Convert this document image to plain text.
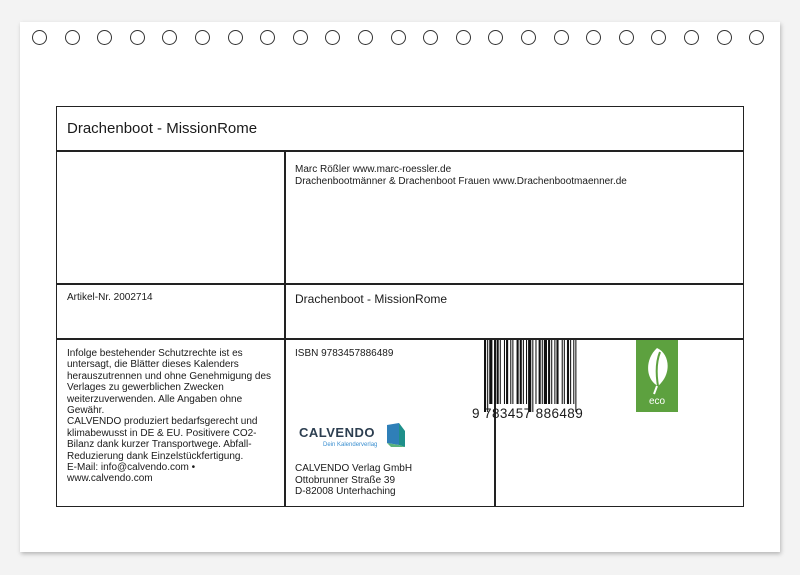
Drachenboot - MissionRome
Marc Rößler www.marc-roessler.de
Drachenbootmänner & Drachenboot Frauen www.Drachenbootmaenner.de
Artikel-Nr. 2002714	Drachenboot - MissionRome
Infolge bestehender Schutzrechte ist es
untersagt, die Blätter dieses Kalenders
herauszutrennen und ohne Genehmigung des
Verlages zu gewerblichen Zwecken
weiterzuverwenden. Alle Angaben ohne
Gewähr.
CALVENDO produziert bedarfsgerecht und
klimabewusst in DE & EU. Positivere CO2-
Bilanz dank kurzer Transportwege. Abfall-
Reduzierung dank Einzelstückfertigung.
E-Mail: info@calvendo.com •
www.calvendo.com
ISBN 9783457886489
CALVENDO
Dein Kalenderverlag
CALVENDO Verlag GmbH
Ottobrunner Straße 39
D-82008 Unterhaching
9 783457 886489
eco
